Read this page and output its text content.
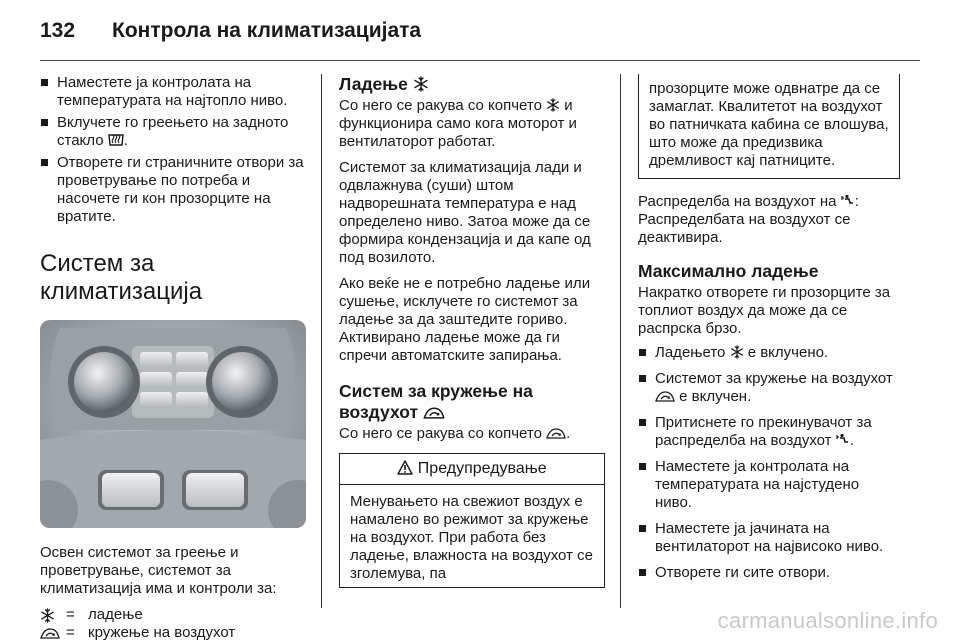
132	Контрола на климатизацијата
Наместете ја контролата на температурата на најтопло ниво.
Вклучете го греењето на задното стакло .
Отворете ги страничните отвори за проветрување по потреба и насочете ги кон прозорците на вратите.
Систем за климатизација

Освен системот за греење и проветрување, системот за климатизација има и контроли за:

= ладење
= кружење на воздухот
Ладење

Со него се ракува со копчето и функционира само кога моторот и вентилаторот работат.

Системот за климатизација лади и одвлажнува (суши) штом надворешната температура е над определено ниво. Затоа може да се формира кондензација и да капе од под возилото.

Ако веќе не е потребно ладење или сушење, исклучете го системот за ладење за да заштедите гориво. Активирано ладење може да ги спречи автоматските запирања.

Систем за кружење на воздухот

Со него се ракува со копчето .

Предупредување
Менувањето на свежиот воздух е намалено во режимот за кружење на воздухот. При работа без ладење, влажноста на воздухот се зголемува, па
прозорците може одвнатре да се замаглат. Квалитетот на воздухот во патничката кабина се влошува, што може да предизвика дремливост кај патниците.

Распределба на воздухот на : Распределбата на воздухот се деактивира.

Максимално ладење

Накратко отворете ги прозорците за топлиот воздух да може да се распрска брзо.

Ладењето е вклучено.
Системот за кружење на воздухот  е вклучен.
Притиснете го прекинувачот за распределба на воздухот .
Наместете ја контролата на температурата на најстудено ниво.
Наместете ја јачината на вентилаторот на највисоко ниво.
Отворете ги сите отвори.
carmanualsonline.info
